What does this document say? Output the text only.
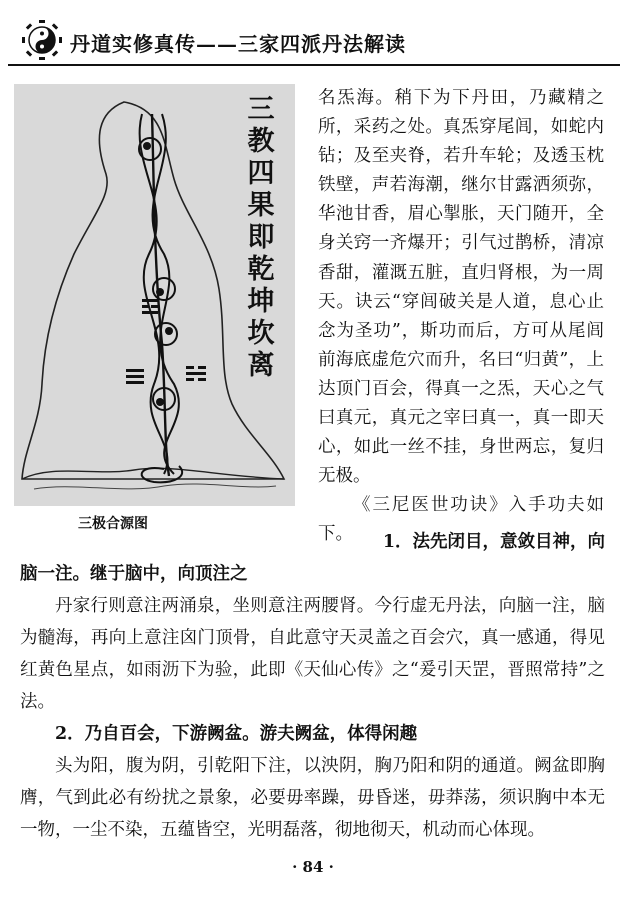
丹道实修真传——三家四派丹法解读
三教四果即乾坤坎离
三极合源图

名炁海。稍下为下丹田，乃藏精之所，采药之处。真炁穿尾闾，如蛇内钻；及至夹脊，若升车轮；及透玉枕铁壁，声若海潮，继尔甘露洒须弥，华池甘香，眉心掣胀，天门随开，全身关窍一齐爆开；引气过鹊桥，清凉香甜，灌溉五脏，直归肾根，为一周天。诀云“穿闾破关是人道，息心止念为圣功”，斯功而后，方可从尾闾前海底虚危穴而升，名曰“归黄”，上达顶门百会，得真一之炁，天心之气曰真元，真元之宰曰真一，真一即天心，如此一丝不挂，身世两忘，复归无极。

《三尼医世功诀》入手功夫如下。	1．法先闭目，意敛目神，向

脑一注。继于脑中，向顶注之

丹家行则意注两涌泉，坐则意注两腰肾。今行虚无丹法，向脑一注，脑为髓海，再向上意注囟门顶骨，自此意守天灵盖之百会穴，真一感通，得见红黄色星点，如雨沥下为验，此即《天仙心传》之“爰引天罡，晋照常持”之法。

2．乃自百会，下游阙盆。游夫阙盆，体得闲趣

头为阳，腹为阴，引乾阳下注，以泱阴，胸乃阳和阴的通道。阙盆即胸膺，气到此必有纷扰之景象，必要毋率躁，毋昏迷，毋莽荡，须识胸中本无一物，一尘不染，五蕴皆空，光明磊落，彻地彻天，机动而心体现。

· 84 ·
